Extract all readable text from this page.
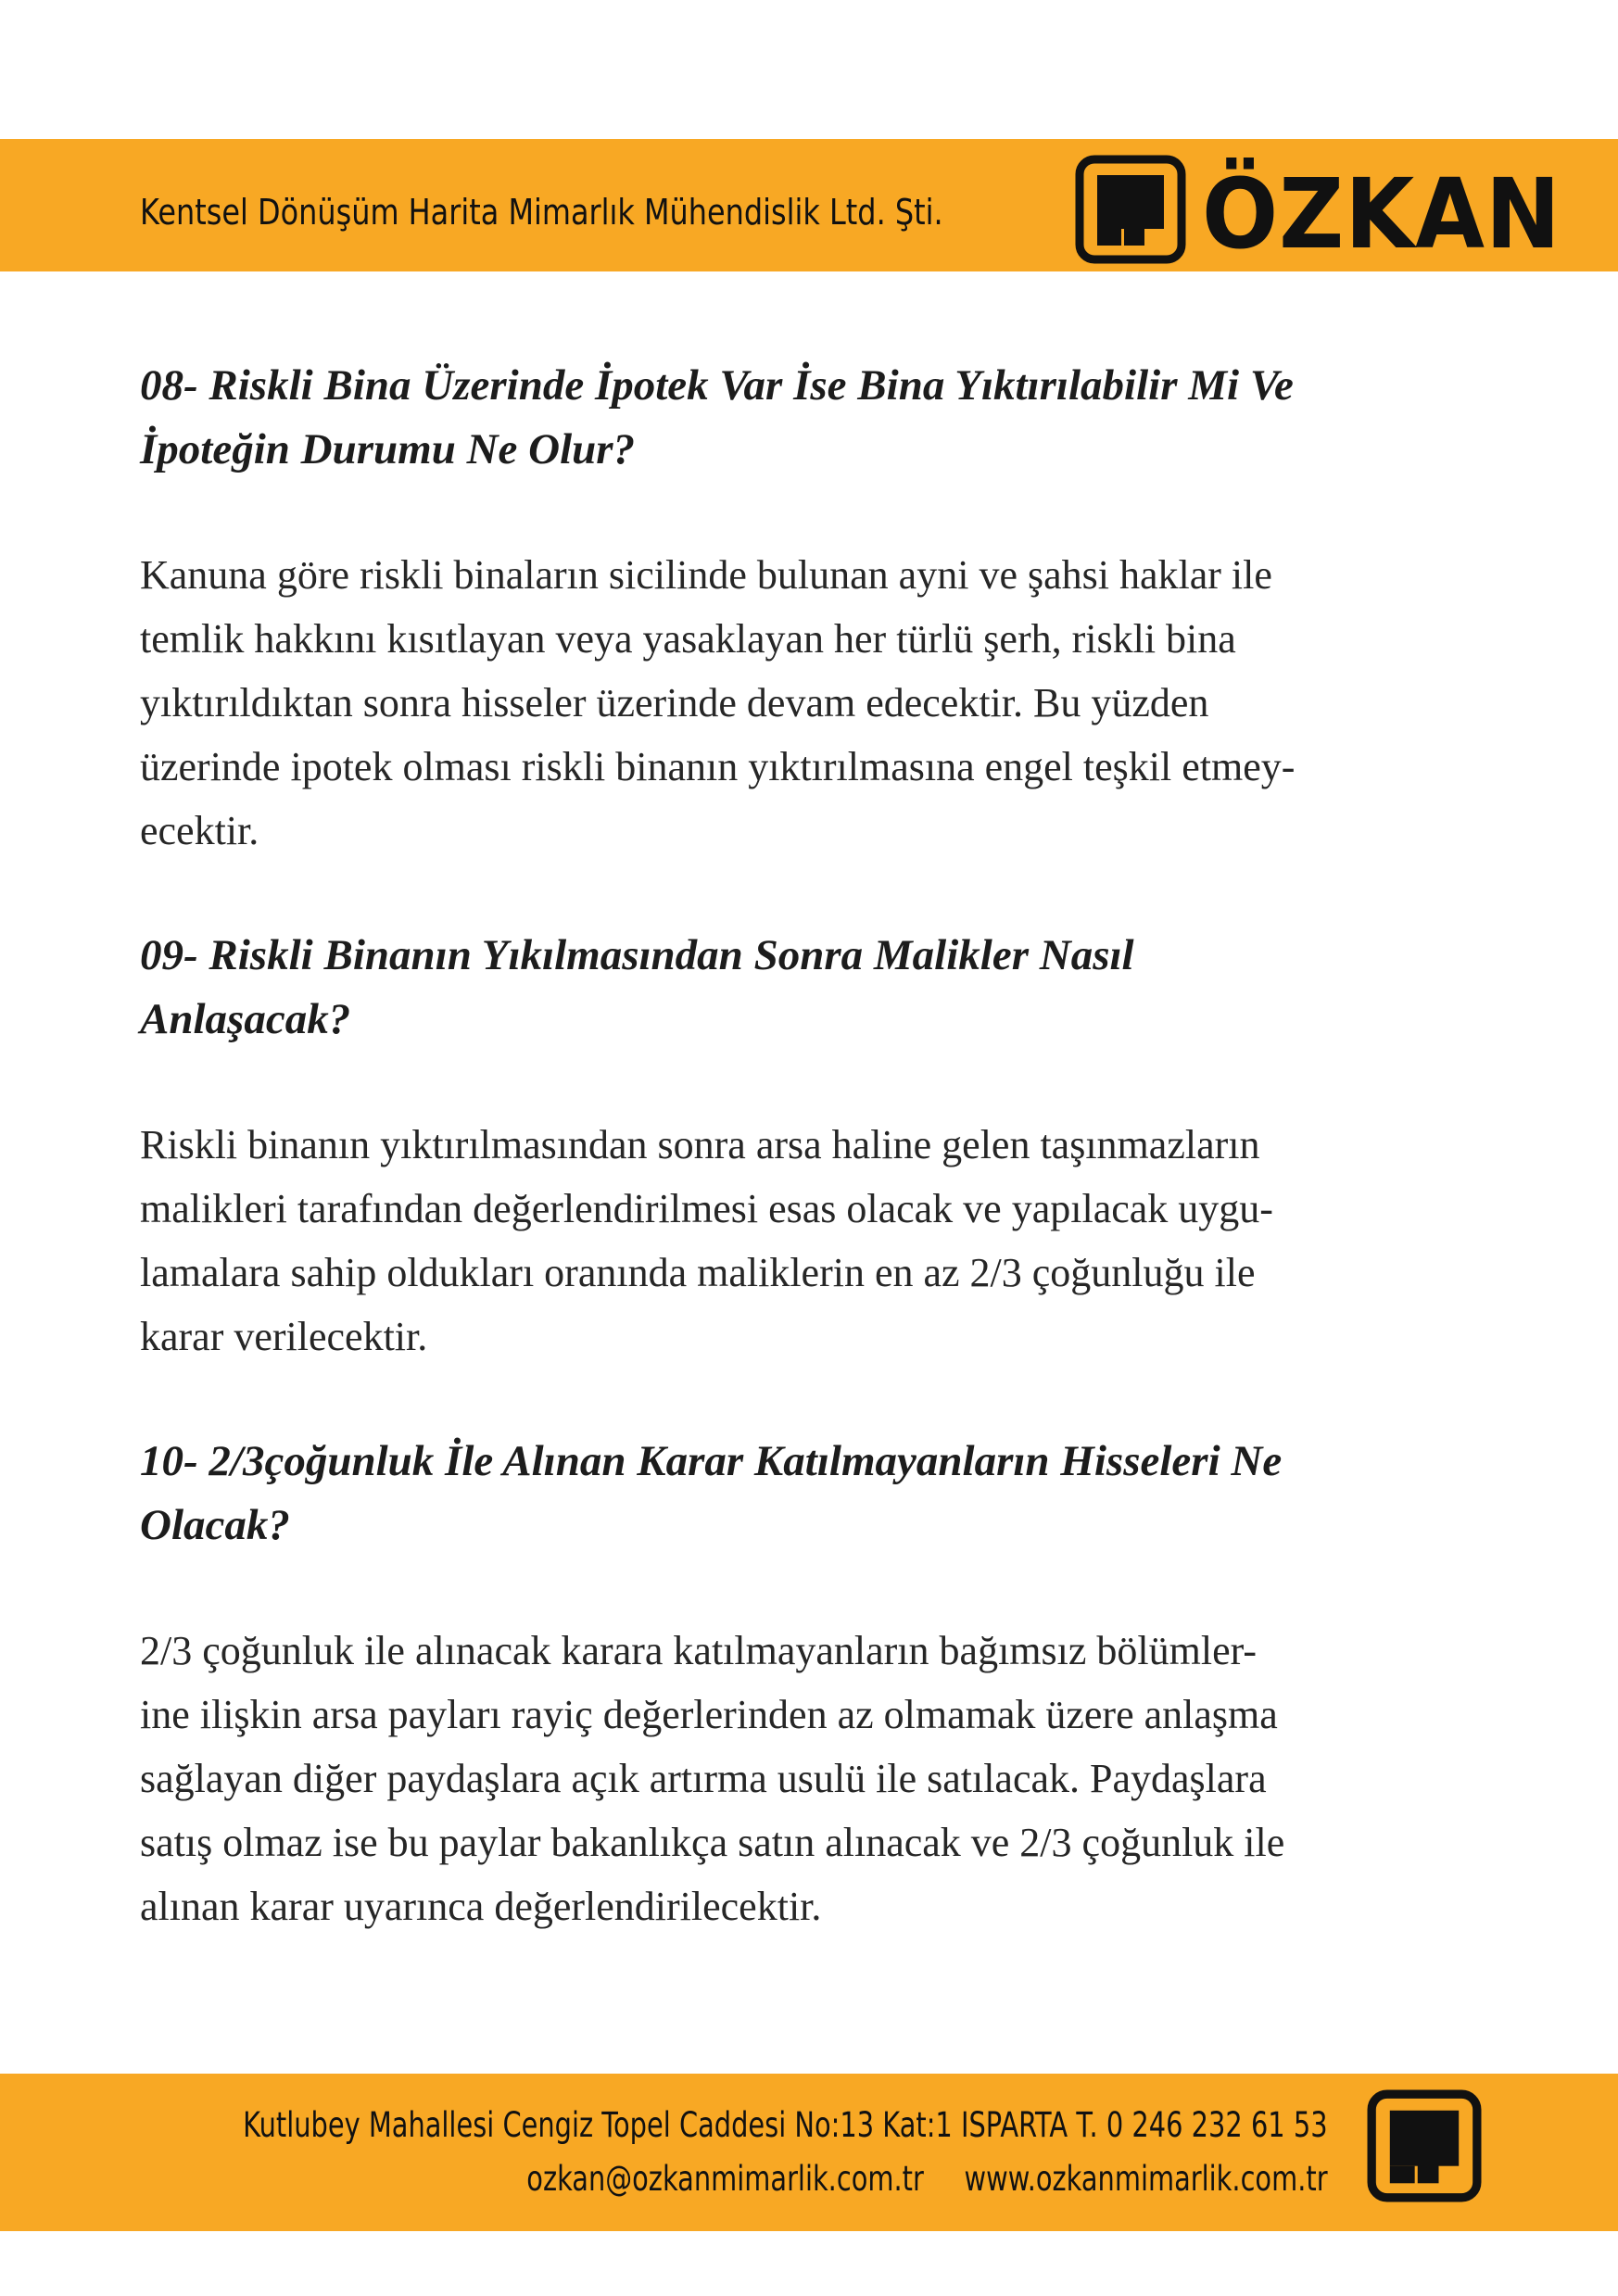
Kentsel Dönüşüm Harita Mimarlık Mühendislik Ltd. Şti.	ÖZKAN

08- Riskli Bina Üzerinde İpotek Var İse Bina Yıktırılabilir Mi Ve
İpoteğin Durumu Ne Olur?

Kanuna göre riskli binaların sicilinde bulunan ayni ve şahsi haklar ile
temlik hakkını kısıtlayan veya yasaklayan her türlü şerh, riskli bina
yıktırıldıktan sonra hisseler üzerinde devam edecektir. Bu yüzden
üzerinde ipotek olması riskli binanın yıktırılmasına engel teşkil etmey-
ecektir.

09- Riskli Binanın Yıkılmasından Sonra Malikler Nasıl
Anlaşacak?

Riskli binanın yıktırılmasından sonra arsa haline gelen taşınmazların
malikleri tarafından değerlendirilmesi esas olacak ve yapılacak uygu-
lamalara sahip oldukları oranında maliklerin en az 2/3 çoğunluğu ile
karar verilecektir.

10- 2/3çoğunluk İle Alınan Karar Katılmayanların Hisseleri Ne
Olacak?

2/3 çoğunluk ile alınacak karara katılmayanların bağımsız bölümler-
ine ilişkin arsa payları rayiç değerlerinden az olmamak üzere anlaşma
sağlayan diğer paydaşlara açık artırma usulü ile satılacak. Paydaşlara
satış olmaz ise bu paylar bakanlıkça satın alınacak ve 2/3 çoğunluk ile
alınan karar uyarınca değerlendirilecektir.

Kutlubey Mahallesi Cengiz Topel Caddesi No:13 Kat:1 ISPARTA T. 0 246 232 61 53
ozkan@ozkanmimarlik.com.tr www.ozkanmimarlik.com.tr
